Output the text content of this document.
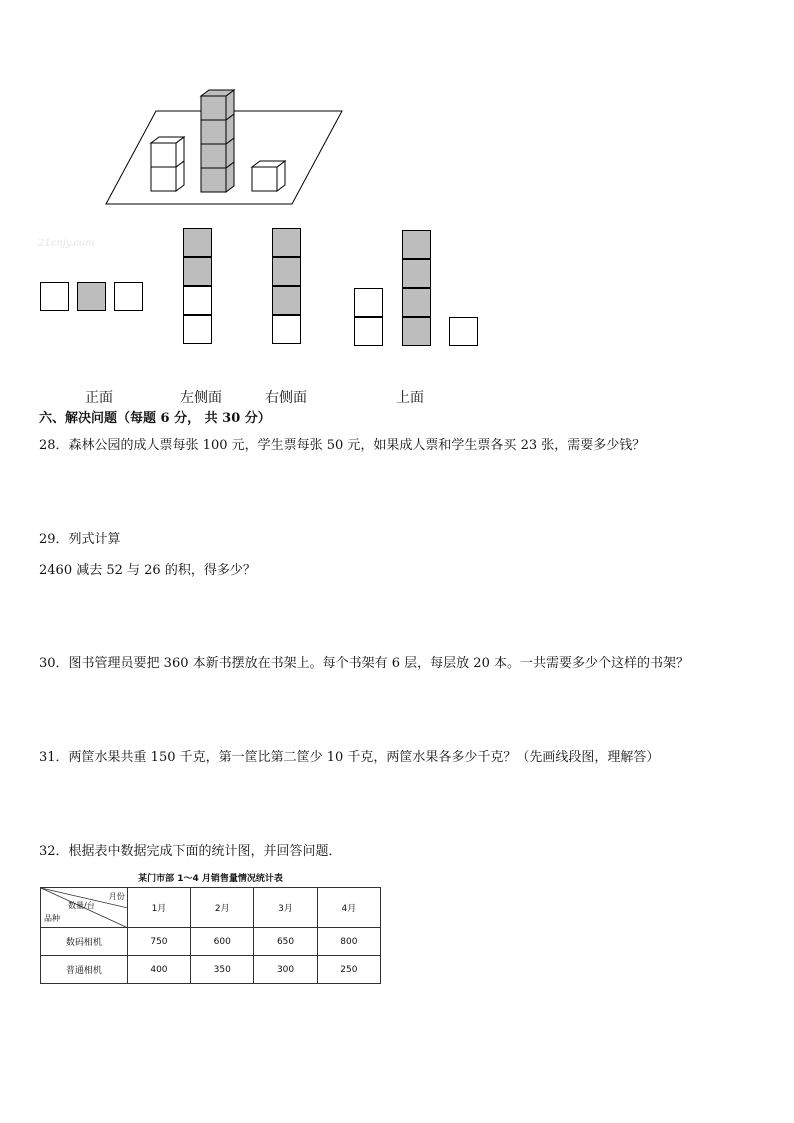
21cnjy.com
正面	左侧面	右侧面	上面
六、解决问题（每题 6 分， 共 30 分）
28．森林公园的成人票每张 100 元，学生票每张 50 元，如果成人票和学生票各买 23 张，需要多少钱？
29．列式计算
2460 减去 52 与 26 的积，得多少？
30．图书管理员要把 360 本新书摆放在书架上。每个书架有 6 层，每层放 20 本。一共需要多少个这样的书架？
31．两筐水果共重 150 千克，第一筐比第二筐少 10 千克，两筐水果各多少千克？（先画线段图，理解答）
32．根据表中数据完成下面的统计图，并回答问题．
某门市部 1～4 月销售量情况统计表
月份
数量/台
品种	1月	2月	3月	4月
数码相机	750	600	650	800
普通相机	400	350	300	250
